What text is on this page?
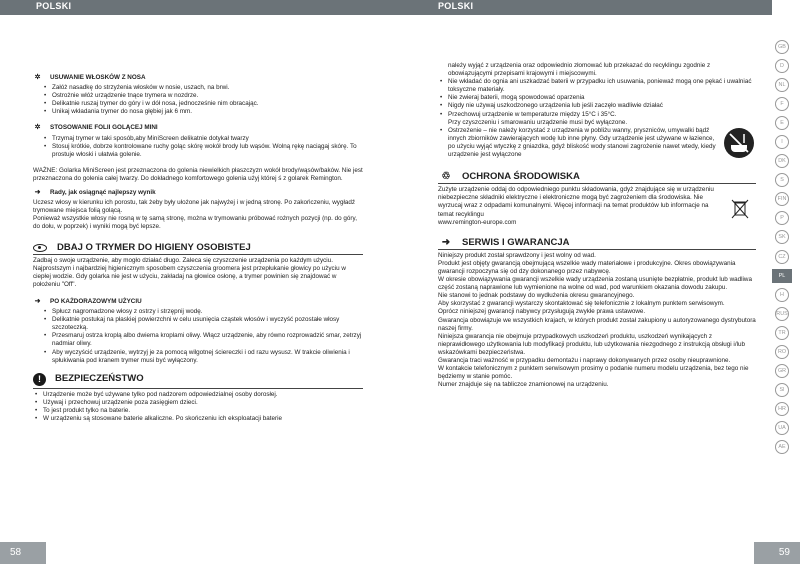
POLSKI
✲ USUWANIE WŁOSKÓW Z NOSA
• Załóż nasadkę do strzyżenia włosków w nosie, uszach, na brwi.
• Ostrożnie włóż urządzenie tnące trymera w nozdrze.
• Delikatnie ruszaj trymer do góry i w dół nosa, jednocześnie nim obracając.
• Unikaj wkładania trymer do nosa głębiej jak 6 mm.
✲ STOSOWANIE FOLII GOLĄCEJ MINI
• Trzymaj trymer w taki sposób,aby MiniScreen delikatnie dotykał twarzy
• Stosuj krótkie, dobrze kontrolowane ruchy goląc skórę wokół brody lub wąsów. Wolną rękę naciągaj skórę. To prostuje włoski i ułatwia golenie.

WAŻNE: Golarka MiniScreen jest przeznaczona do golenia niewielkich płaszczyzn wokół brody/wąsów/baków. Nie jest przeznaczona do golenia całej twarzy. Do dokładnego komfortowego golenia użyj której ś z golarek Remington.

➜ Rady, jak osiągnąć najlepszy wynik

Uczesz włosy w kierunku ich porostu, tak żeby były ułożone jak najwyżej i w jedną stronę. Po zakończeniu, wygładź trymowane miejsca folią golącą.
Ponieważ wszystkie włosy nie rosną w tę samą stronę, można w trymowaniu próbować rożnych pozycji (np. do góry, do dołu, w poprzek) i wyniki mogą być lepsze.

DBAJ O TRYMER DO HIGIENY OSOBISTEJ

Zadbaj o swoje urządzenie, aby mogło działać długo. Zaleca się czyszczenie urządzenia po każdym użyciu.

Najprostszym i najbardziej higienicznym sposobem czyszczenia groomera jest przepłukanie głowicy po użyciu w ciepłej wodzie. Gdy golarka nie jest w użyciu, zakładaj na głowice osłonę, a trymer powinien się znajdować w położeniu "Off".

➜ PO KAŻDORAZOWYM UŻYCIU
• Spłucz nagromadzone włosy z ostrzy i strzępnij wodę.
• Delikatnie postukaj na płaskiej powierzchni w celu usunięcia cząstek włosów i wyczyść pozostałe włosy szczoteczką.
• Przesmaruj ostrza kroplą albo dwiema kroplami oliwy. Włącz urządzenie, aby równo rozprowadzić smar, zetrzyj nadmiar oliwy.
• Aby wyczyścić urządzenie, wytrzyj je za pomocą wilgotnej ściereczki i od razu wysusz. W trakcie oliwienia i spłukiwania pod kranem trymer musi być wyłączony.
!	BEZPIECZEŃSTWO
• Urządzenie może być używane tylko pod nadzorem odpowiedzialnej osoby dorosłej.
• Używaj i przechowuj urządzenie poza zasięgiem dzieci.
• To jest produkt tylko na baterie.
• W urządzeniu są stosowane baterie alkaliczne. Po skończeniu ich eksploatacji baterie
58
POLSKI

należy wyjąć z urządzenia oraz odpowiednio złomować lub przekazać do recyklingu zgodnie z obowiązującymi przepisami krajowymi i miejscowymi.

• Nie wkładać do ognia ani uszkadzać baterii w przypadku ich usuwania, ponieważ mogą one pękać i uwalniać toksyczne materiały.
• Nie zwieraj baterii, mogą spowodować oparzenia
• Nigdy nie używaj uszkodzonego urządzenia lub jeśli zaczęło wadliwie działać
• Przechowuj urządzenie w temperaturze między 15°C i 35°C.
Przy czyszczeniu i smarowaniu urządzenie musi być wyłączone.
• Ostrzeżenie – nie należy korzystać z urządzenia w pobliżu wanny, pryszniców, umywalki bądź innych zbiorników zawierających wodę lub inne płyny. Gdy urządzenie jest używane w łazience, po użyciu wyjąć wtyczkę z gniazdka, gdyż bliskość wody stanowi zagrożenie nawet wtedy, kiedy urządzenie jest wyłączone
♲	OCHRONA ŚRODOWISKA

Zużyte urządzenie oddaj do odpowiedniego punktu składowania, gdyż znajdujące się w urządzeniu niebezpieczne składniki elektryczne i elektroniczne mogą być zagrożeniem dla środowiska. Nie wyrzucaj wraz z odpadami komunalnymi. Więcej informacji na temat produktów lub informacje na temat recyklingu
www.remington-europe.com

➜	SERWIS I GWARANCJA

Niniejszy produkt został sprawdzony i jest wolny od wad.
Produkt jest objęty gwarancją obejmującą wszelkie wady materiałowe i produkcyjne. Okres obowiązywania gwarancji rozpoczyna się od dzy dokonanego przez nabywcę.
W okresie obowiązywania gwarancji wszelkie wady urządzenia zostaną usunięte bezpłatnie, produkt lub wadliwa część zostaną naprawione lub wymienione na wolne od wad, pod warunkiem okazania dowodu zakupu.
Nie stanowi to jednak podstawy do wydłużenia okresu gwarancyjnego.
Aby skorzystać z gwarancji wystarczy skontaktować się telefonicznie z lokalnym punktem serwisowym.
Oprócz niniejszej gwarancji nabywcy przysługują zwykłe prawa ustawowe.
Gwarancja obowiązuje we wszystkich krajach, w których produkt został zakupiony u autoryzowanego dystrybutora naszej firmy.
Niniejsza gwarancja nie obejmuje przypadkowych uszkodzeń produktu, uszkodzeń wynikających z nieprawidłowego użytkowania lub modyfikacji produktu, lub użytkowania niezgodnego z instrukcją obsługi i/lub wskazówkami bezpieczeństwa.
Gwarancja traci ważność w przypadku demontażu i naprawy dokonywanych przez osoby nieuprawnione.
W kontakcie telefonicznym z punktem serwisowym prosimy o podanie numeru modelu urządzenia, bez tego nie będziemy w stanie pomóc.
Numer znajduje się na tabliczce znamionowej na urządzeniu.

GB
D
NL
F
E
I
DK
S
FIN
P
SK
CZ
PL
H
RUS
TR
RO
GR
SI
HR
UA
AE
59
